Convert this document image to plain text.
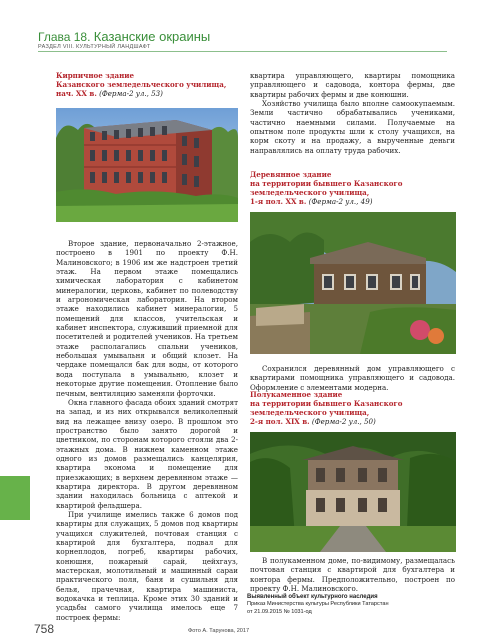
Глава 18. Казанские окраины
РАЗДЕЛ VIII. КУЛЬТУРНЫЙ ЛАНДШАФТ
Кирпичное здание
Казанского земледельческого училища,
нач. XX в. (Ферма-2 ул., 53)

Второе здание, первоначально 2-этажное, построено в 1901 по проекту Ф.Н. Малиновского; в 1906 им же надстроен третий этаж. На первом этаже помещались химическая лаборатория с кабинетом минералогии, церковь, кабинет по полеводству и агрономическая лаборатория. На втором этаже находились кабинет минералогии, 5 помещений для классов, учительская и кабинет инспектора, служивший приемной для посетителей и родителей учеников. На третьем этаже располагались спальни учеников, небольшая умывальня и общий клозет. На чердаке помещался бак для воды, от которого вода поступала в умывальню, клозет и некоторые другие помещения. Отопление было печным, вентиляцию заменяли форточки.

Окна главного фасада обоих зданий смотрят на запад, и из них открывался великолепный вид на лежащее внизу озеро. В прошлом это пространство было занято дорогой и цветником, по сторонам которого стояли два 2-этажных дома. В нижнем каменном этаже одного из домов размещались канцелярия, квартира эконома и помещение для приезжающих; в верхнем деревянном этаже — квартира директора. В другом деревянном здании находилась больница с аптекой и квартирой фельдшера.

При училище имелись также 6 домов под квартиры для служащих, 5 домов под квартиры учащихся служителей, почтовая станция с квартирой для бухгалтера, подвал для корнеплодов, погреб, квартиры рабочих, конюшня, пожарный сарай, цейхгауз, мастерская, молотильный и машинный сараи практического поля, баня и сушильня для белья, прачечная, квартира машиниста, водокачка и теплица. Кроме этих 30 зданий и усадьбы самого училища имелось еще 7 построек фермы:

квартира управляющего, квартиры помощника управляющего и садовода, контора фермы, две квартиры рабочих фермы и две конюшни.

Хозяйство училища было вполне самоокупаемым. Земли частично обрабатывались учениками, частично наемными силами. Получаемые на опытном поле продукты шли к столу учащихся, на корм скоту и на продажу, а вырученные деньги направлялись на оплату труда рабочих.

Деревянное здание
на территории бывшего Казанского
земледельческого училища,
1-я пол. XX в. (Ферма-2 ул., 49)

Сохранился деревянный дом управляющего с квартирами помощника управляющего и садовода. Оформление с элементами модерна.

Полукаменное здание
на территории бывшего Казанского
земледельческого училища,
2-я пол. XIX в. (Ферма-2 ул., 50)

В полукаменном доме, по-видимому, размещалась почтовая станция с квартирой для бухгалтера и контора фермы. Предположительно, построен по проекту Ф.Н. Малиновского.

Выявленный объект культурного наследия
Приказ Министерства культуры Республики Татарстан
от 21.09.2015 № 1031-од
758	Фото А. Тарунова, 2017
